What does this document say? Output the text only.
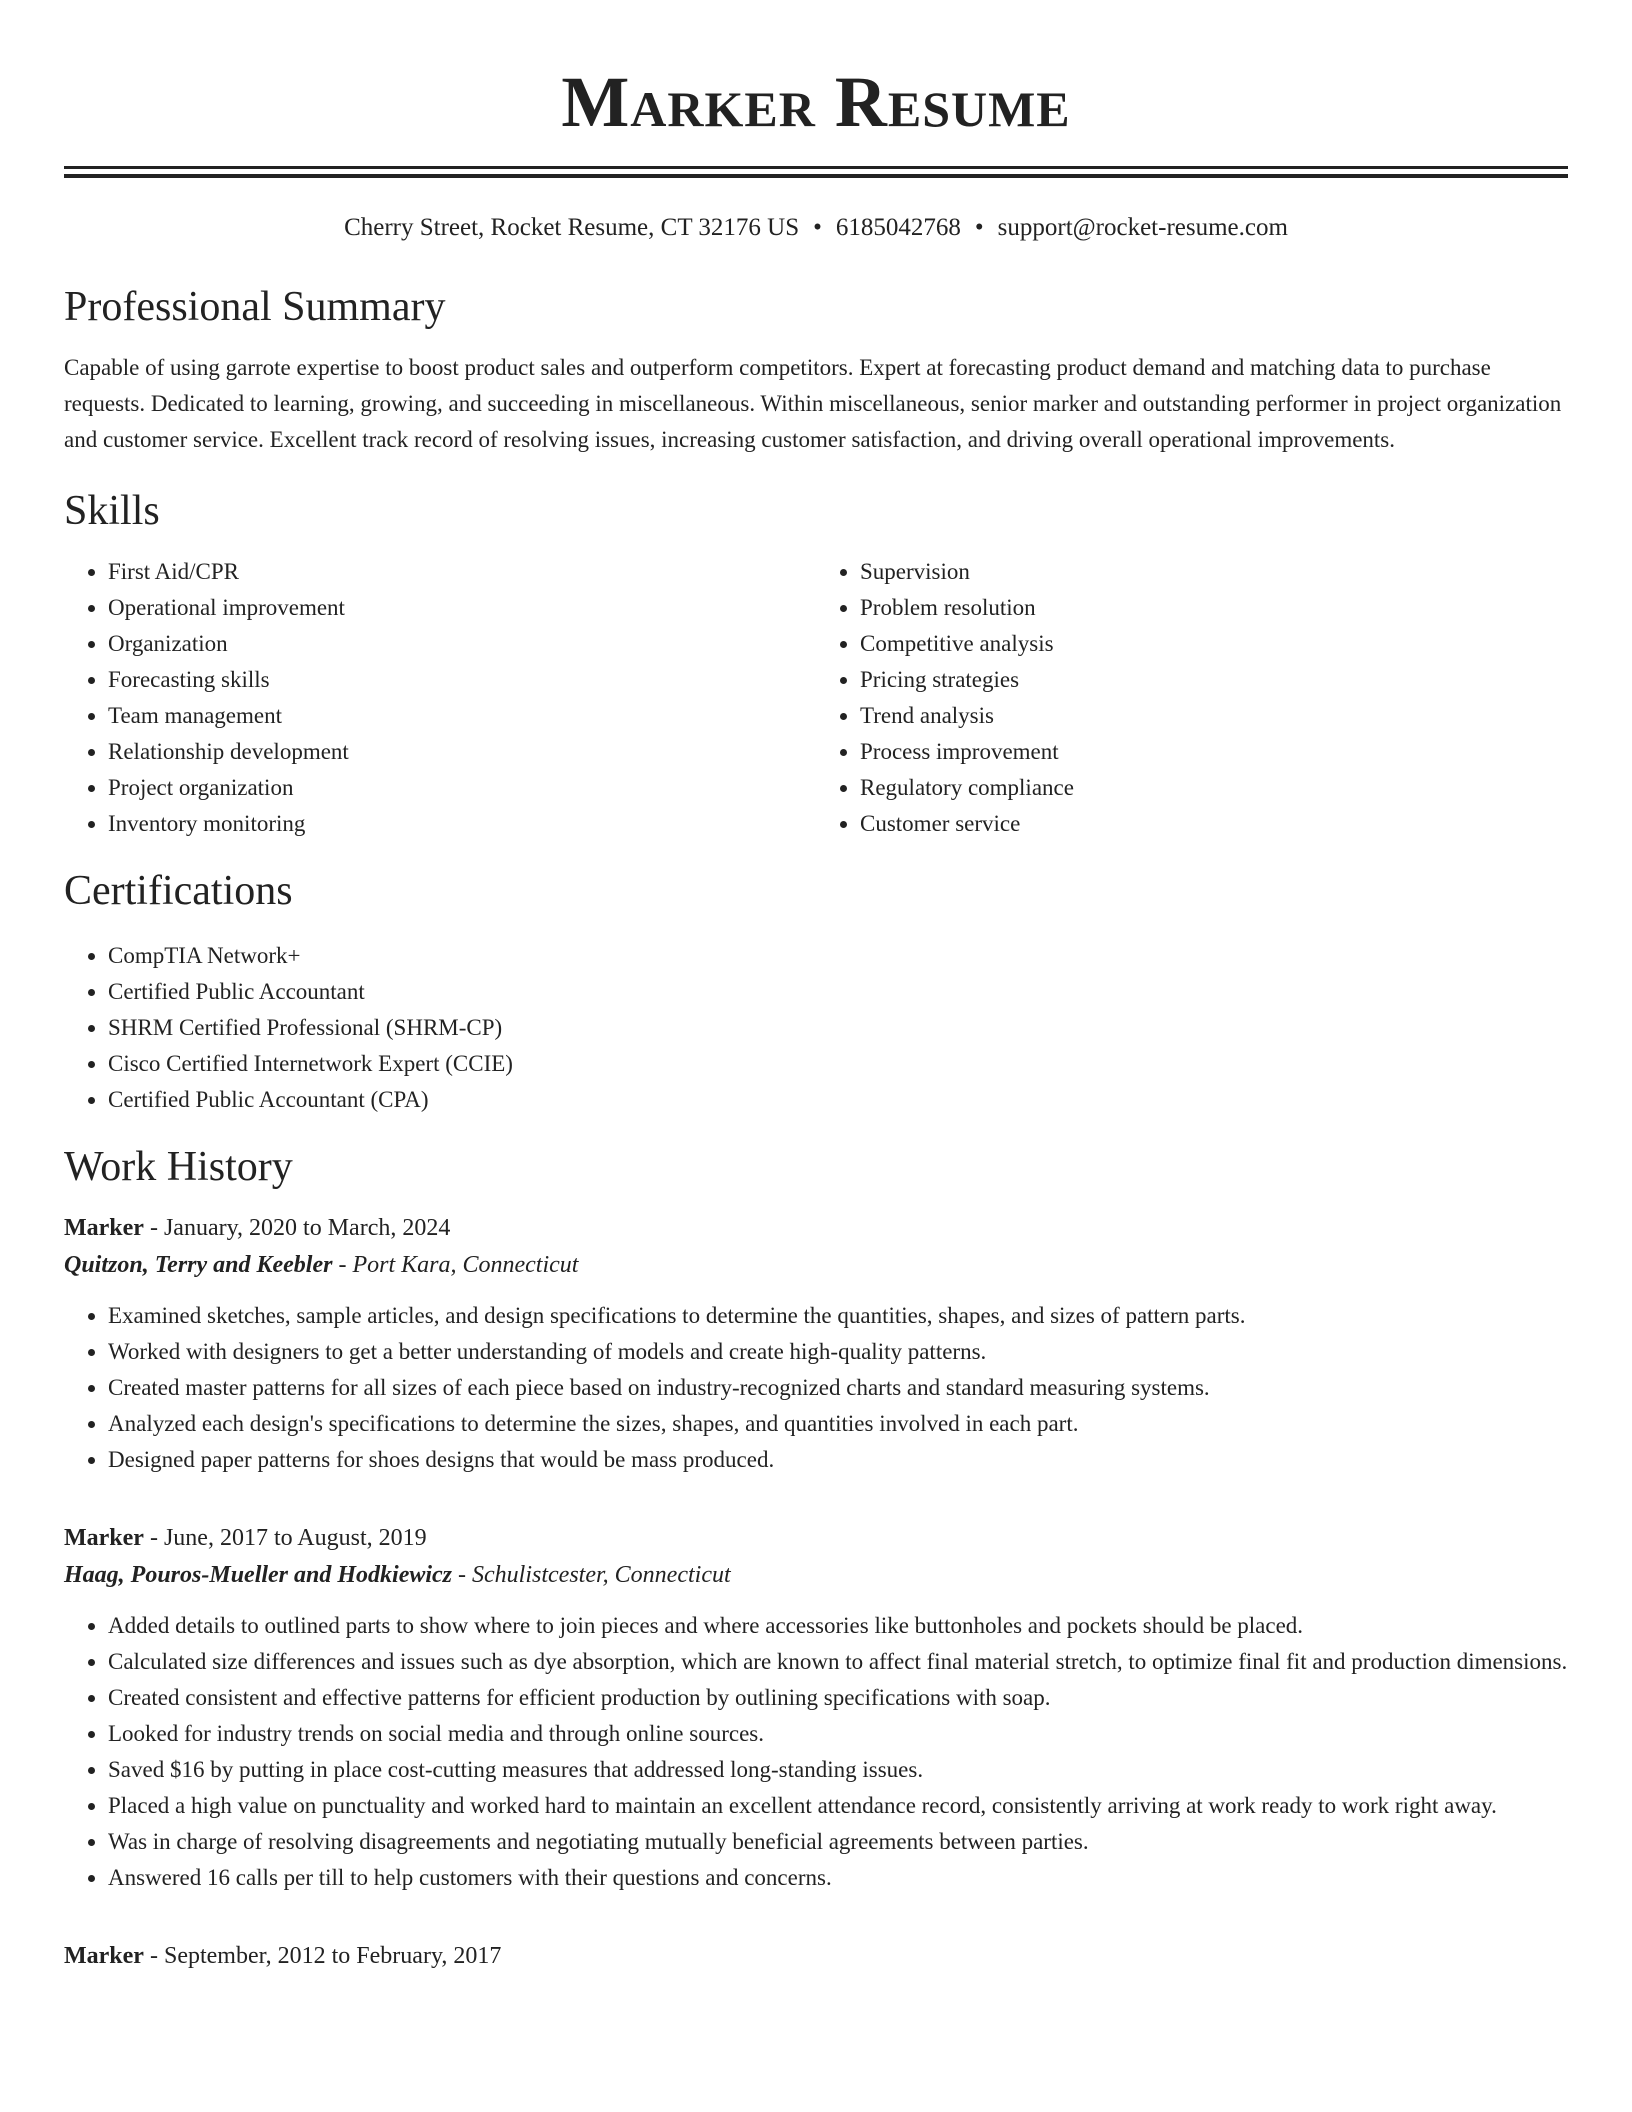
Marker Resume
Cherry Street, Rocket Resume, CT 32176 US • 6185042768 • support@rocket-resume.com
Professional Summary

Capable of using garrote expertise to boost product sales and outperform competitors. Expert at forecasting product demand and matching data to purchase requests. Dedicated to learning, growing, and succeeding in miscellaneous. Within miscellaneous, senior marker and outstanding performer in project organization and customer service. Excellent track record of resolving issues, increasing customer satisfaction, and driving overall operational improvements.

Skills
• First Aid/CPR
• Operational improvement
• Organization
• Forecasting skills
• Team management
• Relationship development
• Project organization
• Inventory monitoring
• Supervision
• Problem resolution
• Competitive analysis
• Pricing strategies
• Trend analysis
• Process improvement
• Regulatory compliance
• Customer service
Certifications
• CompTIA Network+
• Certified Public Accountant
• SHRM Certified Professional (SHRM-CP)
• Cisco Certified Internetwork Expert (CCIE)
• Certified Public Accountant (CPA)
Work History
Marker - January, 2020 to March, 2024
Quitzon, Terry and Keebler - Port Kara, Connecticut
• Examined sketches, sample articles, and design specifications to determine the quantities, shapes, and sizes of pattern parts.
• Worked with designers to get a better understanding of models and create high-quality patterns.
• Created master patterns for all sizes of each piece based on industry-recognized charts and standard measuring systems.
• Analyzed each design's specifications to determine the sizes, shapes, and quantities involved in each part.
• Designed paper patterns for shoes designs that would be mass produced.
Marker - June, 2017 to August, 2019
Haag, Pouros-Mueller and Hodkiewicz - Schulistcester, Connecticut
• Added details to outlined parts to show where to join pieces and where accessories like buttonholes and pockets should be placed.
• Calculated size differences and issues such as dye absorption, which are known to affect final material stretch, to optimize final fit and production dimensions.
• Created consistent and effective patterns for efficient production by outlining specifications with soap.
• Looked for industry trends on social media and through online sources.
• Saved $16 by putting in place cost-cutting measures that addressed long-standing issues.
• Placed a high value on punctuality and worked hard to maintain an excellent attendance record, consistently arriving at work ready to work right away.
• Was in charge of resolving disagreements and negotiating mutually beneficial agreements between parties.
• Answered 16 calls per till to help customers with their questions and concerns.
Marker - September, 2012 to February, 2017
